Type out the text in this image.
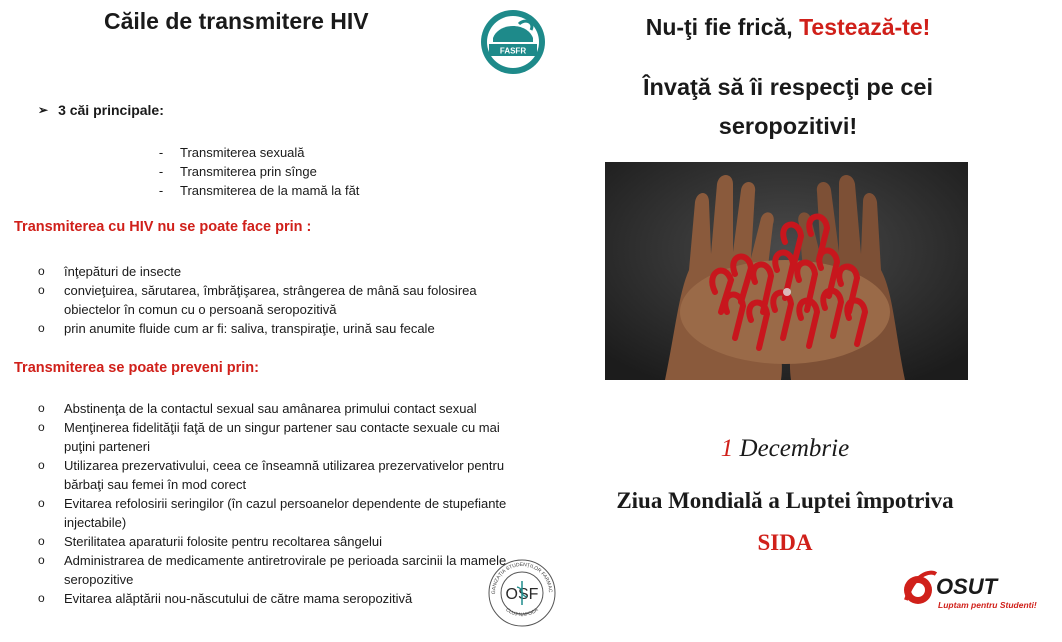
Căile de transmitere HIV
FASFR
➢ 3 căi principale:
- Transmiterea sexuală
- Transmiterea prin sînge
- Transmiterea de la mamă la făt
Transmiterea cu HIV nu se poate face prin :
o înţepături de insecte
o convieţuirea, sărutarea, îmbrăţişarea, strângerea de mână sau folosirea obiectelor în comun cu o persoană seropozitivă
o prin anumite fluide cum ar fi: saliva, transpiraţie, urină sau fecale
Transmiterea se poate preveni prin:
o Abstinenţa de la contactul sexual sau amânarea primului contact sexual
o Menţinerea fidelităţii faţă de un singur partener sau contacte sexuale cu mai puţini parteneri
o Utilizarea prezervativului, ceea ce înseamnă utilizarea prezervativelor pentru bărbaţi sau femei în mod corect
o Evitarea refolosirii seringilor (în cazul persoanelor dependente de stupefiante injectabile)
o Sterilitatea aparaturii folosite pentru recoltarea sângelui
o Administrarea de medicamente antiretrovirale pe perioada sarcinii la mamele seropozitive
o Evitarea alăptării nou-născutului de către mama seropozitivă	GANIZAȚIA STUDENȚILOR FARMAC
CLUJ-NAPOCA
OSF
Nu-ţi fie frică, Testează-te!
Învaţă să îi respecţi pe cei
seropozitivi!
1 Decembrie
Ziua Mondială a Luptei împotriva
SIDA
OSUT
Luptam pentru Studenti!
